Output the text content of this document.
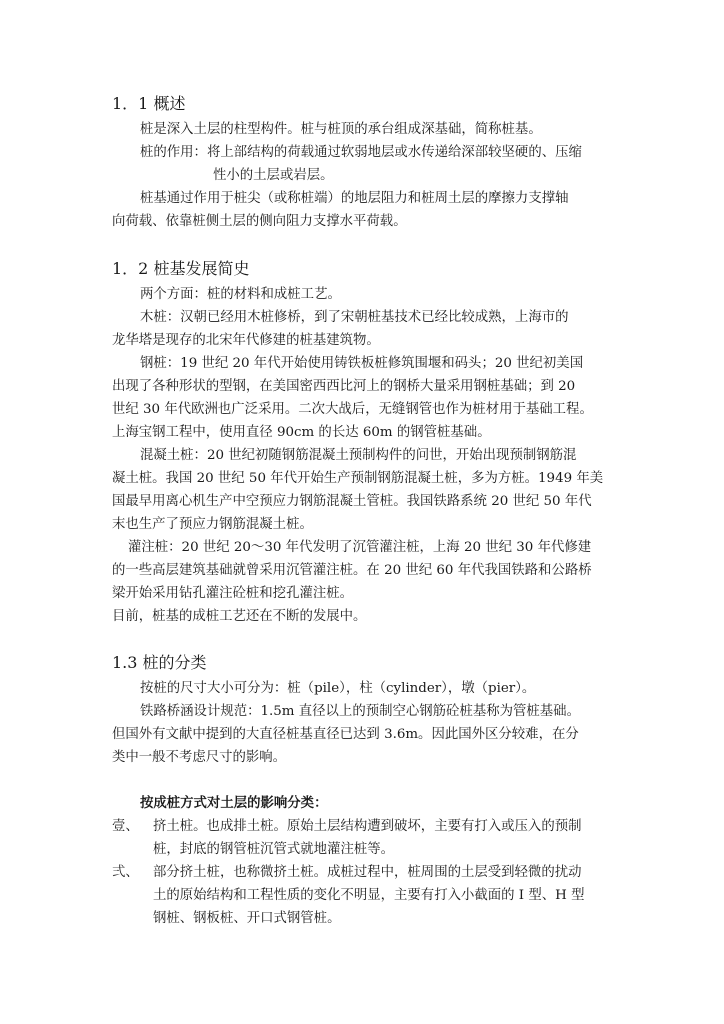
1．1 概述
桩是深入土层的柱型构件。桩与桩顶的承台组成深基础，简称桩基。
桩的作用：将上部结构的荷载通过软弱地层或水传递给深部较坚硬的、压缩
性小的土层或岩层。
桩基通过作用于桩尖（或称桩端）的地层阻力和桩周土层的摩擦力支撑轴
向荷载、依靠桩侧土层的侧向阻力支撑水平荷载。
1．2 桩基发展简史
两个方面：桩的材料和成桩工艺。
木桩：汉朝已经用木桩修桥，到了宋朝桩基技术已经比较成熟，上海市的
龙华塔是现存的北宋年代修建的桩基建筑物。
钢桩：19 世纪 20 年代开始使用铸铁板桩修筑围堰和码头；20 世纪初美国
出现了各种形状的型钢，在美国密西西比河上的钢桥大量采用钢桩基础；到 20
世纪 30 年代欧洲也广泛采用。二次大战后，无缝钢管也作为桩材用于基础工程。
上海宝钢工程中，使用直径 90cm 的长达 60m 的钢管桩基础。
混凝土桩：20 世纪初随钢筋混凝土预制构件的问世，开始出现预制钢筋混
凝土桩。我国 20 世纪 50 年代开始生产预制钢筋混凝土桩，多为方桩。1949 年美
国最早用离心机生产中空预应力钢筋混凝土管桩。我国铁路系统 20 世纪 50 年代
末也生产了预应力钢筋混凝土桩。
灌注桩：20 世纪 20～30 年代发明了沉管灌注桩，上海 20 世纪 30 年代修建
的一些高层建筑基础就曾采用沉管灌注桩。在 20 世纪 60 年代我国铁路和公路桥
梁开始采用钻孔灌注砼桩和挖孔灌注桩。
目前，桩基的成桩工艺还在不断的发展中。
1.3 桩的分类
按桩的尺寸大小可分为：桩（pile），柱（cylinder），墩（pier）。
铁路桥涵设计规范：1.5m 直径以上的预制空心钢筋砼桩基称为管桩基础。
但国外有文献中提到的大直径桩基直径已达到 3.6m。因此国外区分较难，在分
类中一般不考虑尺寸的影响。
按成桩方式对土层的影响分类：
壹、 挤土桩。也成排土桩。原始土层结构遭到破坏，主要有打入或压入的预制
桩，封底的钢管桩沉管式就地灌注桩等。
弍、 部分挤土桩，也称微挤土桩。成桩过程中，桩周围的土层受到轻微的扰动
土的原始结构和工程性质的变化不明显，主要有打入小截面的 I 型、H 型
钢桩、钢板桩、开口式钢管桩。
